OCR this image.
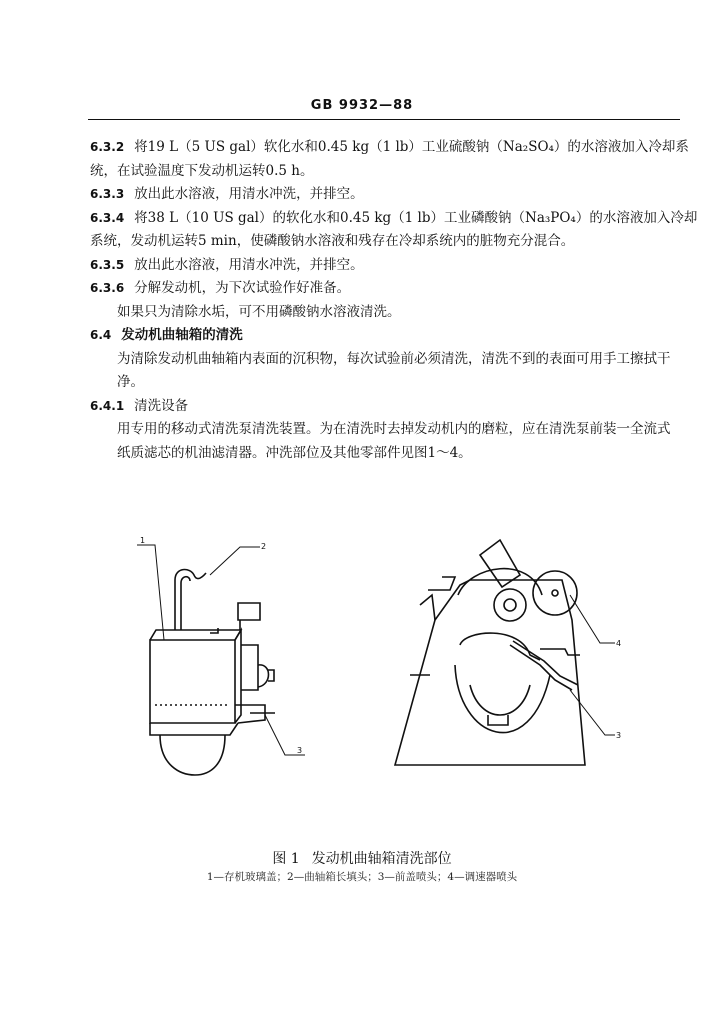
GB 9932—88
6.3.2 将19 L（5 US gal）软化水和0.45 kg（1 lb）工业硫酸钠（Na₂SO₄）的水溶液加入冷却系
统，在试验温度下发动机运转0.5 h。
6.3.3 放出此水溶液，用清水冲洗，并排空。
6.3.4 将38 L（10 US gal）的软化水和0.45 kg（1 lb）工业磷酸钠（Na₃PO₄）的水溶液加入冷却
系统，发动机运转5 min，使磷酸钠水溶液和残存在冷却系统内的脏物充分混合。
6.3.5 放出此水溶液，用清水冲洗，并排空。
6.3.6 分解发动机，为下次试验作好准备。
如果只为清除水垢，可不用磷酸钠水溶液清洗。
6.4 发动机曲轴箱的清洗
为清除发动机曲轴箱内表面的沉积物，每次试验前必须清洗，清洗不到的表面可用手工擦拭干净。
6.4.1 清洗设备
用专用的移动式清洗泵清洗装置。为在清洗时去掉发动机内的磨粒，应在清洗泵前装一全流式纸质滤芯的机油滤清器。冲洗部位及其他零部件见图1～4。
1
2
3
4
3
图 1 发动机曲轴箱清洗部位
1—存机玻璃盖；2—曲轴箱长填头；3—前盖喷头；4—调速器喷头
